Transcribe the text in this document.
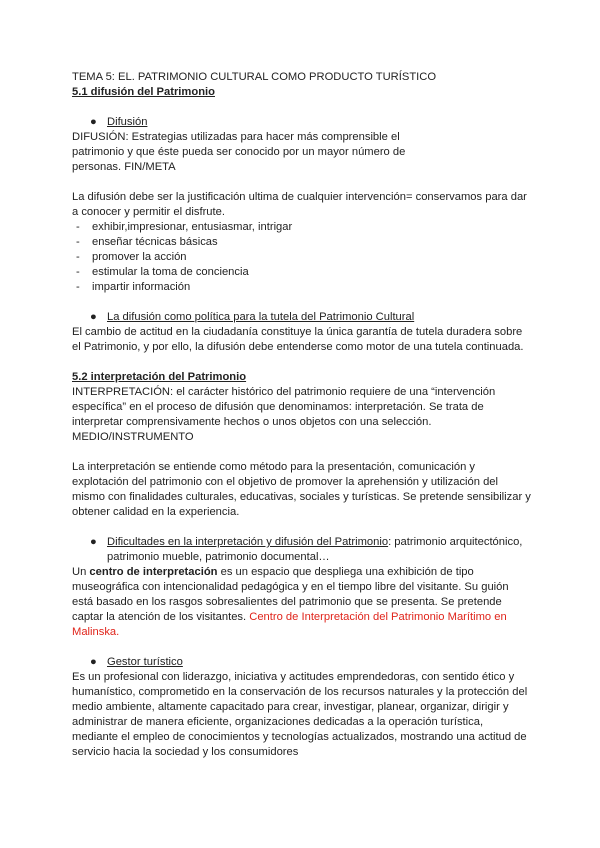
TEMA 5: EL. PATRIMONIO CULTURAL COMO PRODUCTO TURÍSTICO
5.1 difusión del Patrimonio
● Difusión
DIFUSIÓN: Estrategias utilizadas para hacer más comprensible el
patrimonio y que éste pueda ser conocido por un mayor número de
personas. FIN/META
La difusión debe ser la justificación ultima de cualquier intervención= conservamos para dar
a conocer y permitir el disfrute.
- exhibir,impresionar, entusiasmar, intrigar
- enseñar técnicas básicas
- promover la acción
- estimular la toma de conciencia
- impartir información
● La difusión como política para la tutela del Patrimonio Cultural
El cambio de actitud en la ciudadanía constituye la única garantía de tutela duradera sobre
el Patrimonio, y por ello, la difusión debe entenderse como motor de una tutela continuada.
5.2 interpretación del Patrimonio
INTERPRETACIÓN: el carácter histórico del patrimonio requiere de una “intervención
específica” en el proceso de difusión que denominamos: interpretación. Se trata de
interpretar comprensivamente hechos o unos objetos con una selección.
MEDIO/INSTRUMENTO
La interpretación se entiende como método para la presentación, comunicación y
explotación del patrimonio con el objetivo de promover la aprehensión y utilización del
mismo con finalidades culturales, educativas, sociales y turísticas. Se pretende sensibilizar y
obtener calidad en la experiencia.
● Dificultades en la interpretación y difusión del Patrimonio: patrimonio arquitectónico,
patrimonio mueble, patrimonio documental…
Un centro de interpretación es un espacio que despliega una exhibición de tipo
museográfica con intencionalidad pedagógica y en el tiempo libre del visitante. Su guión
está basado en los rasgos sobresalientes del patrimonio que se presenta. Se pretende
captar la atención de los visitantes. Centro de Interpretación del Patrimonio Marítimo en
Malinska.
● Gestor turístico
Es un profesional con liderazgo, iniciativa y actitudes emprendedoras, con sentido ético y
humanístico, comprometido en la conservación de los recursos naturales y la protección del
medio ambiente, altamente capacitado para crear, investigar, planear, organizar, dirigir y
administrar de manera eficiente, organizaciones dedicadas a la operación turística,
mediante el empleo de conocimientos y tecnologías actualizados, mostrando una actitud de
servicio hacia la sociedad y los consumidores
